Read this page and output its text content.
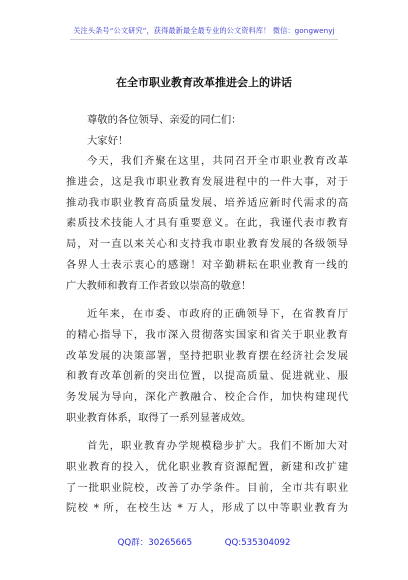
关注头条号“公文研究”，获得最新最全最专业的公文资料库！ 微信：gongwenyj
在全市职业教育改革推进会上的讲话
尊敬的各位领导、亲爱的同仁们：
大家好！
今天，我们齐聚在这里，共同召开全市职业教育改革
推进会，这是我市职业教育发展进程中的一件大事，对于
推动我市职业教育高质量发展、培养适应新时代需求的高
素质技术技能人才具有重要意义。在此，我谨代表市教育
局，对一直以来关心和支持我市职业教育发展的各级领导
各界人士表示衷心的感谢！对辛勤耕耘在职业教育一线的
广大教师和教育工作者致以崇高的敬意！
近年来，在市委、市政府的正确领导下，在省教育厅
的精心指导下，我市深入贯彻落实国家和省关于职业教育
改革发展的决策部署，坚持把职业教育摆在经济社会发展
和教育改革创新的突出位置，以提高质量、促进就业、服
务发展为导向，深化产教融合、校企合作，加快构建现代
职业教育体系，取得了一系列显著成效。
首先，职业教育办学规模稳步扩大。我们不断加大对
职业教育的投入，优化职业教育资源配置，新建和改扩建
了一批职业院校，改善了办学条件。目前，全市共有职业
院校 * 所，在校生达 * 万人，形成了以中等职业教育为
QQ群：30265665	QQ:535304092
